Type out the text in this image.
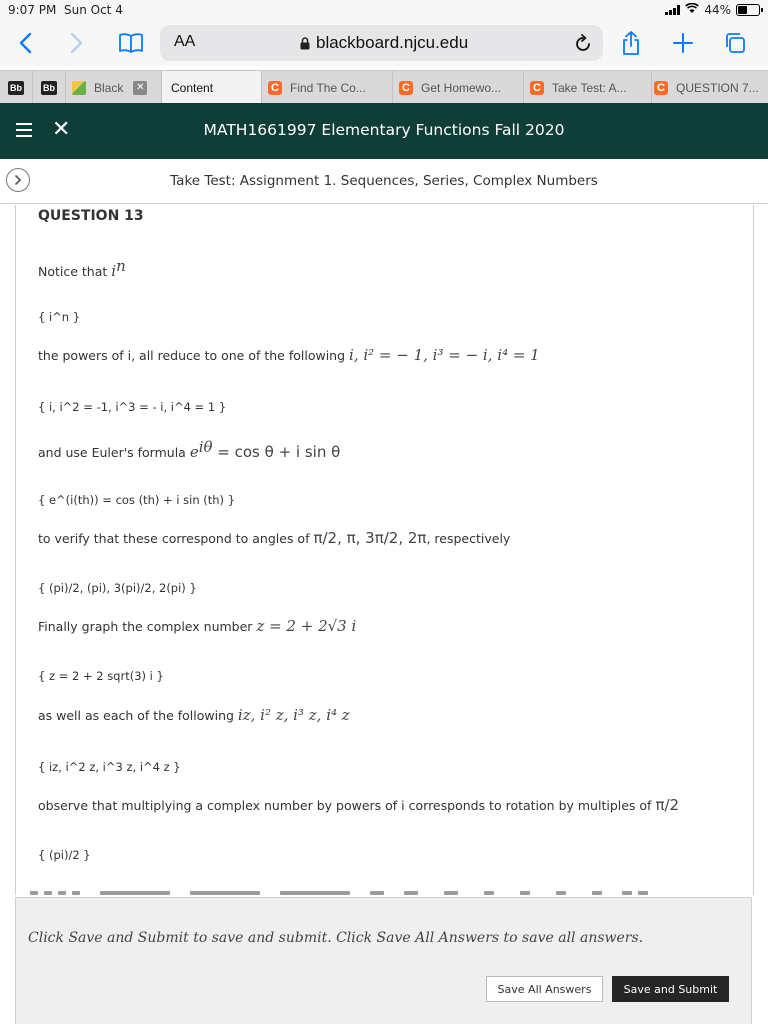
9:07 PM Sun Oct 4	44%
AA	blackboard.njcu.edu
Bb Bb	Black ✕ Content	C Find The Co...	C Get Homewo...	C Take Test: A...	C QUESTION 7...
✕	MATH1661997 Elementary Functions Fall 2020
Take Test: Assignment 1. Sequences, Series, Complex Numbers
QUESTION 13
Notice that $i^n$
{ i^n }
the powers of i, all reduce to one of the following i, i² = − 1, i³ = − i, i⁴ = 1
{ i, i^2 = -1, i^3 = - i, i^4 = 1 }
and use Euler's formula $e^{i\theta} = \cos \theta + i$ sin θ
{ e^(i(th)) = cos (th) + i sin (th) }
to verify that these correspond to angles of π/2, π, 3π/2, 2π, respectively
{ (pi)/2, (pi), 3(pi)/2, 2(pi) }
Finally graph the complex number z = 2 + 2√3 i
{ z = 2 + 2 sqrt(3) i }
as well as each of the following iz, i² z, i³ z, i⁴ z
{ iz, i^2 z, i^3 z, i^4 z }
observe that multiplying a complex number by powers of i corresponds to rotation by multiples of π/2
{ (pi)/2 }
Click Save and Submit to save and submit. Click Save All Answers to save all answers.
Save All Answers	Save and Submit
